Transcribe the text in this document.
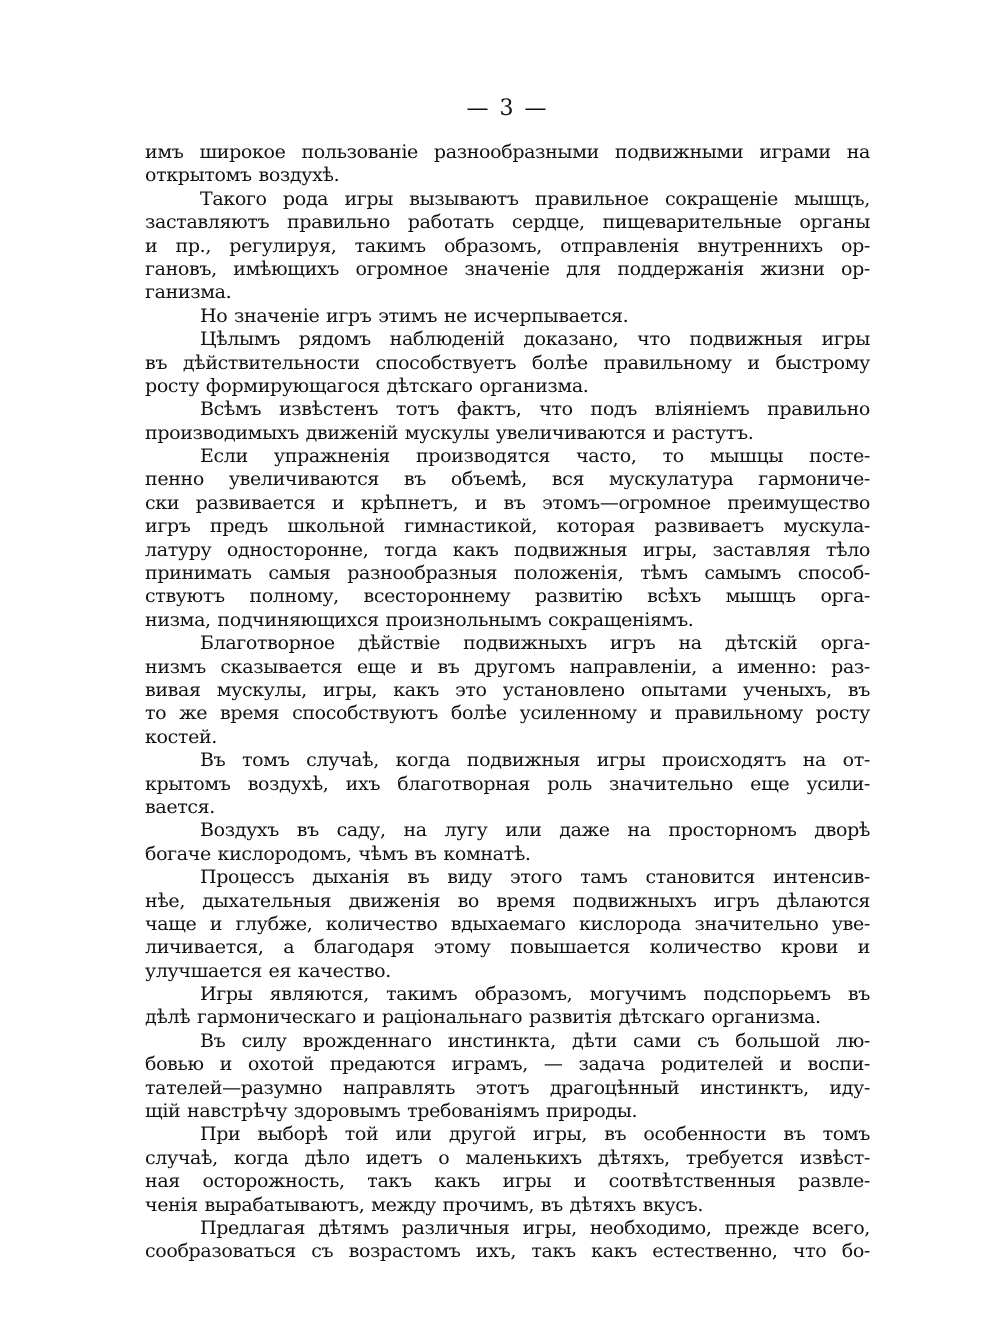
— 3 —
имъ широкое пользованіе разнообразными подвижными играми на
открытомъ воздухѣ.
Такого рода игры вызываютъ правильное сокращеніе мышцъ,
заставляютъ правильно работать сердце, пищеварительные органы
и пр., регулируя, такимъ образомъ, отправленія внутреннихъ ор-
гановъ, имѣющихъ огромное значеніе для поддержанія жизни ор-
ганизма.
Но значеніе игръ этимъ не исчерпывается.
Цѣлымъ рядомъ наблюденій доказано, что подвижныя игры
въ дѣйствительности способствуетъ болѣе правильному и быстрому
росту формирующагося дѣтскаго организма.
Всѣмъ извѣстенъ тотъ фактъ, что подъ вліяніемъ правильно
производимыхъ движеній мускулы увеличиваются и растутъ.
Если упражненія производятся часто, то мышцы посте-
пенно увеличиваются въ объемѣ, вся мускулатура гармониче-
ски развивается и крѣпнетъ, и въ этомъ—огромное преимущество
игръ предъ школьной гимнастикой, которая развиваетъ мускула-
латуру односторонне, тогда какъ подвижныя игры, заставляя тѣло
принимать самыя разнообразныя положенія, тѣмъ самымъ способ-
ствуютъ полному, всестороннему развитію всѣхъ мышцъ орга-
низма, подчиняющихся произнольнымъ сокращеніямъ.
Благотворное дѣйствіе подвижныхъ игръ на дѣтскій орга-
низмъ сказывается еще и въ другомъ направленіи, а именно: раз-
вивая мускулы, игры, какъ это установлено опытами ученыхъ, въ
то же время способствуютъ болѣе усиленному и правильному росту
костей.
Въ томъ случаѣ, когда подвижныя игры происходятъ на от-
крытомъ воздухѣ, ихъ благотворная роль значительно еще усили-
вается.
Воздухъ въ саду, на лугу или даже на просторномъ дворѣ
богаче кислородомъ, чѣмъ въ комнатѣ.
Процессъ дыханія въ виду этого тамъ становится интенсив-
нѣе, дыхательныя движенія во время подвижныхъ игръ дѣлаются
чаще и глубже, количество вдыхаемаго кислорода значительно уве-
личивается, а благодаря этому повышается количество крови и
улучшается ея качество.
Игры являются, такимъ образомъ, могучимъ подспорьемъ въ
дѣлѣ гармоническаго и раціональнаго развитія дѣтскаго организма.
Въ силу врожденнаго инстинкта, дѣти сами съ большой лю-
бовью и охотой предаются играмъ, — задача родителей и воспи-
тателей—разумно направлять этотъ драгоцѣнный инстинктъ, иду-
щій навстрѣчу здоровымъ требованіямъ природы.
При выборѣ той или другой игры, въ особенности въ томъ
случаѣ, когда дѣло идетъ о маленькихъ дѣтяхъ, требуется извѣст-
ная осторожность, такъ какъ игры и соотвѣтственныя развле-
ченія вырабатываютъ, между прочимъ, въ дѣтяхъ вкусъ.
Предлагая дѣтямъ различныя игры, необходимо, прежде всего,
сообразоваться съ возрастомъ ихъ, такъ какъ естественно, что бо-
